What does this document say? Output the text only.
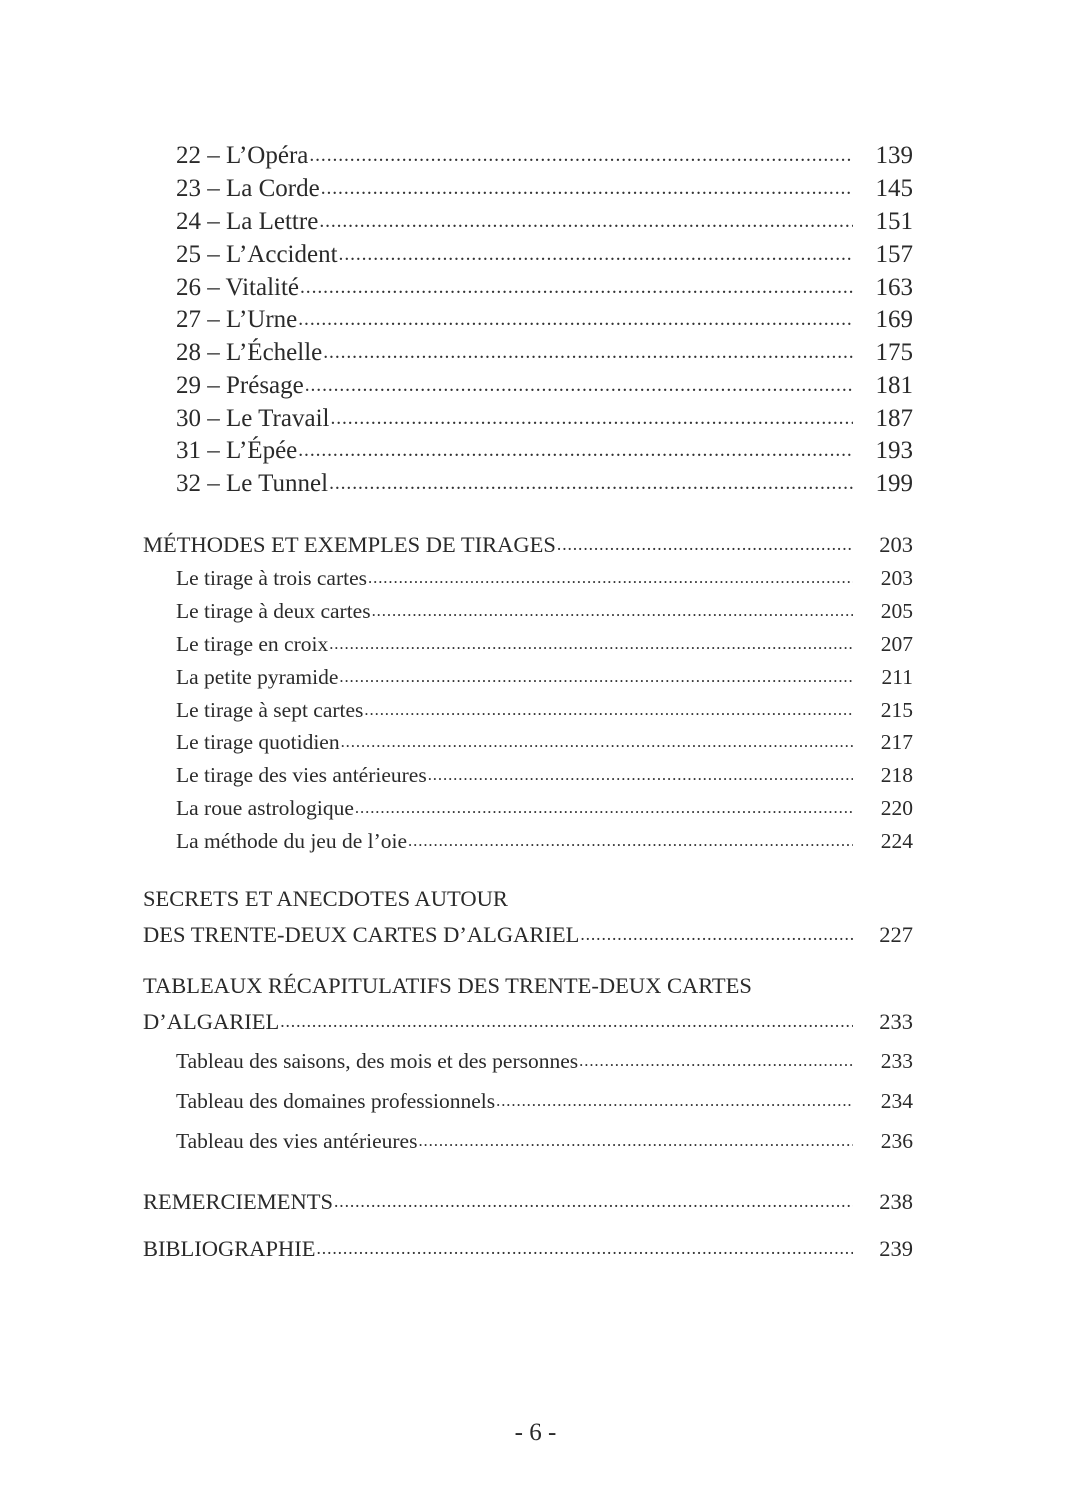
22 – L’Opéra .....	139
23 – La Corde .....	145
24 – La Lettre .....	151
25 – L’Accident .....	157
26 – Vitalité .....	163
27 – L’Urne .....	169
28 – L’Échelle .....	175
29 – Présage .....	181
30 – Le Travail .....	187
31 – L’Épée .....	193
32 – Le Tunnel .....	199
MÉTHODES ET EXEMPLES DE TIRAGES .....	203
Le tirage à trois cartes .....	203
Le tirage à deux cartes .....	205
Le tirage en croix .....	207
La petite pyramide .....	211
Le tirage à sept cartes .....	215
Le tirage quotidien .....	217
Le tirage des vies antérieures .....	218
La roue astrologique .....	220
La méthode du jeu de l’oie .....	224
SECRETS ET ANECDOTES AUTOUR
DES TRENTE-DEUX CARTES D’ALGARIEL .....	227
TABLEAUX RÉCAPITULATIFS DES TRENTE-DEUX CARTES
D’ALGARIEL .....	233
Tableau des saisons, des mois et des personnes .....	233
Tableau des domaines professionnels .....	234
Tableau des vies antérieures .....	236
REMERCIEMENTS .....	238
BIBLIOGRAPHIE .....	239
- 6 -
